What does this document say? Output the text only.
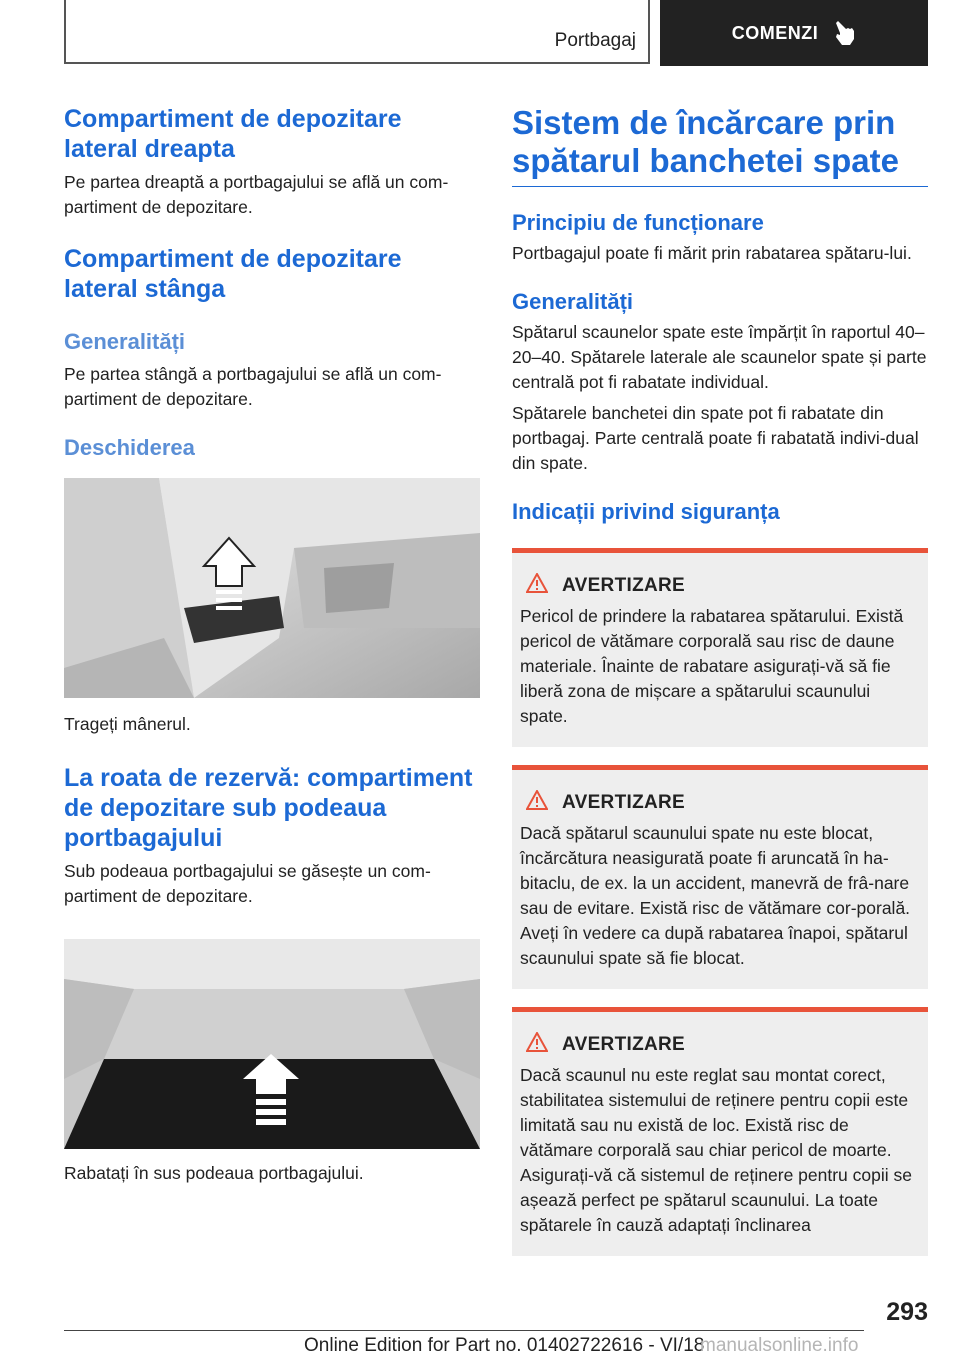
Portbagaj	COMENZI
Compartiment de depozitare lateral dreapta
Pe partea dreaptă a portbagajului se află un com-partiment de depozitare.
Compartiment de depozitare lateral stânga
Generalități
Pe partea stângă a portbagajului se află un com-partiment de depozitare.
Deschiderea
Trageți mânerul.
La roata de rezervă: compartiment de depozitare sub podeaua portbagajului
Sub podeaua portbagajului se găsește un com-partiment de depozitare.
Rabatați în sus podeaua portbagajului.
Sistem de încărcare prin spătarul banchetei spate
Principiu de funcționare
Portbagajul poate fi mărit prin rabatarea spătaru-lui.
Generalități
Spătarul scaunelor spate este împărțit în raportul 40–20–40. Spătarele laterale ale scaunelor spate și parte centrală pot fi rabatate individual.
Spătarele banchetei din spate pot fi rabatate din portbagaj. Parte centrală poate fi rabatată indivi-dual din spate.
Indicații privind siguranța
AVERTIZARE
Pericol de prindere la rabatarea spătarului. Există pericol de vătămare corporală sau risc de daune materiale. Înainte de rabatare asigurați-vă să fie liberă zona de mișcare a spătarului scaunului spate.
AVERTIZARE
Dacă spătarul scaunului spate nu este blocat, încărcătura neasigurată poate fi aruncată în ha-bitaclu, de ex. la un accident, manevră de frâ-nare sau de evitare. Există risc de vătămare cor-porală. Aveți în vedere ca după rabatarea înapoi, spătarul scaunului spate să fie blocat.
AVERTIZARE
Dacă scaunul nu este reglat sau montat corect, stabilitatea sistemului de reținere pentru copii este limitată sau nu există de loc. Există risc de vătămare corporală sau chiar pericol de moarte. Asigurați-vă că sistemul de reținere pentru copii se așează perfect pe spătarul scaunului. La toate spătarele în cauză adaptați înclinarea
293
Online Edition for Part no. 01402722616 - VI/18
manualsonline.info
